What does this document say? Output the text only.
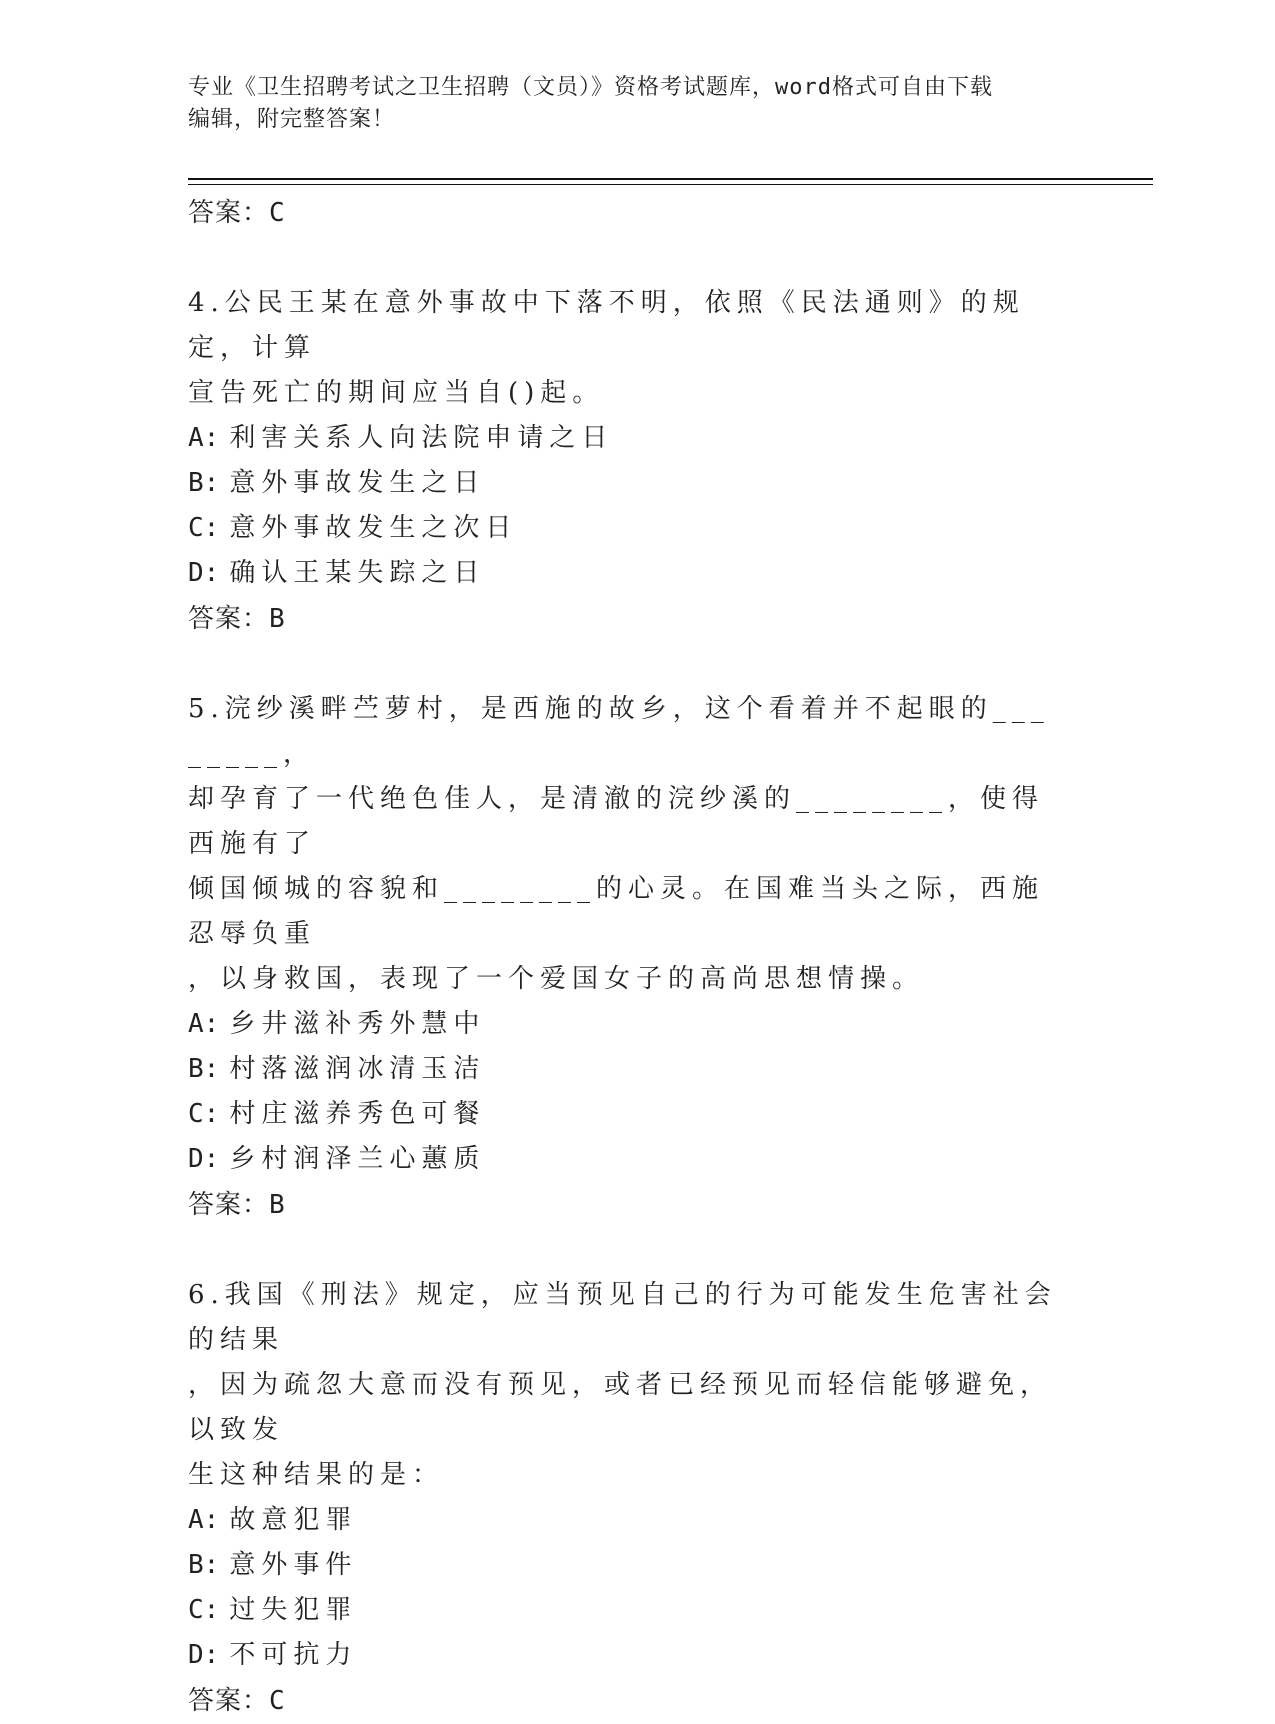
专业《卫生招聘考试之卫生招聘（文员）》资格考试题库，word格式可自由下载
编辑，附完整答案！
答案：C
4.公民王某在意外事故中下落不明，依照《民法通则》的规定，计算
宣告死亡的期间应当自()起。
A: 利害关系人向法院申请之日
B: 意外事故发生之日
C: 意外事故发生之次日
D: 确认王某失踪之日
答案：B
5.浣纱溪畔苎萝村，是西施的故乡，这个看着并不起眼的________，
却孕育了一代绝色佳人，是清澈的浣纱溪的________，使得西施有了
倾国倾城的容貌和________的心灵。在国难当头之际，西施忍辱负重
，以身救国，表现了一个爱国女子的高尚思想情操。
A: 乡井滋补秀外慧中
B: 村落滋润冰清玉洁
C: 村庄滋养秀色可餐
D: 乡村润泽兰心蕙质
答案：B
6.我国《刑法》规定，应当预见自己的行为可能发生危害社会的结果
，因为疏忽大意而没有预见，或者已经预见而轻信能够避免，以致发
生这种结果的是：
A: 故意犯罪
B: 意外事件
C: 过失犯罪
D: 不可抗力
答案：C
